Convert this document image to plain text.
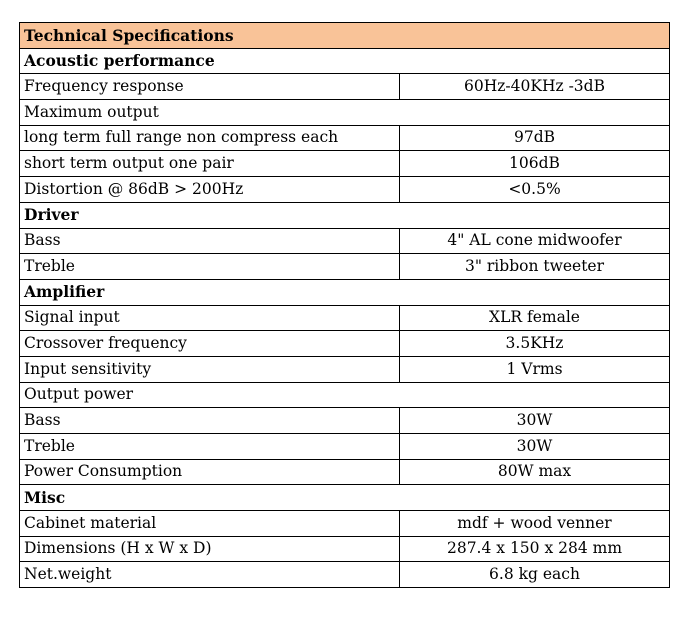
Technical Specifications	
Acoustic performance	
Frequency response	60Hz-40KHz -3dB
Maximum output	
long term full range non compress each	97dB
short term output one pair	106dB
Distortion @ 86dB > 200Hz	<0.5%
Driver	
Bass	4" AL cone midwoofer
Treble	3" ribbon tweeter
Amplifier	
Signal input	XLR female
Crossover frequency	3.5KHz
Input sensitivity	1 Vrms
Output power	
Bass	30W
Treble	30W
Power Consumption	80W max
Misc	
Cabinet material	mdf + wood venner
Dimensions (H x W x D)	287.4 x 150 x 284 mm
Net.weight	6.8 kg each
